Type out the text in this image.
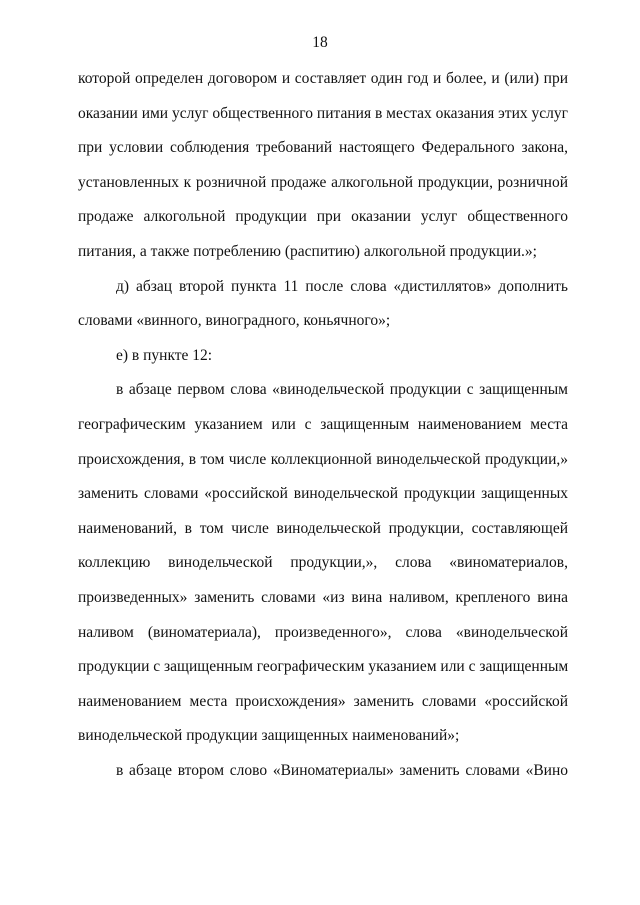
18
которой определен договором и составляет один год и более, и (или) при
оказании ими услуг общественного питания в местах оказания этих услуг
при условии соблюдения требований настоящего Федерального закона,
установленных к розничной продаже алкогольной продукции, розничной
продаже алкогольной продукции при оказании услуг общественного
питания, а также потреблению (распитию) алкогольной продукции.»;
д) абзац второй пункта 11 после слова «дистиллятов» дополнить
словами «винного, виноградного, коньячного»;
е) в пункте 12:
в абзаце первом слова «винодельческой продукции с защищенным
географическим указанием или с защищенным наименованием места
происхождения, в том числе коллекционной винодельческой продукции,»
заменить словами «российской винодельческой продукции защищенных
наименований, в том числе винодельческой продукции, составляющей
коллекцию винодельческой продукции,», слова «виноматериалов,
произведенных» заменить словами «из вина наливом, крепленого вина
наливом (виноматериала), произведенного», слова «винодельческой
продукции с защищенным географическим указанием или с защищенным
наименованием места происхождения» заменить словами «российской
винодельческой продукции защищенных наименований»;
в абзаце втором слово «Виноматериалы» заменить словами «Вино
